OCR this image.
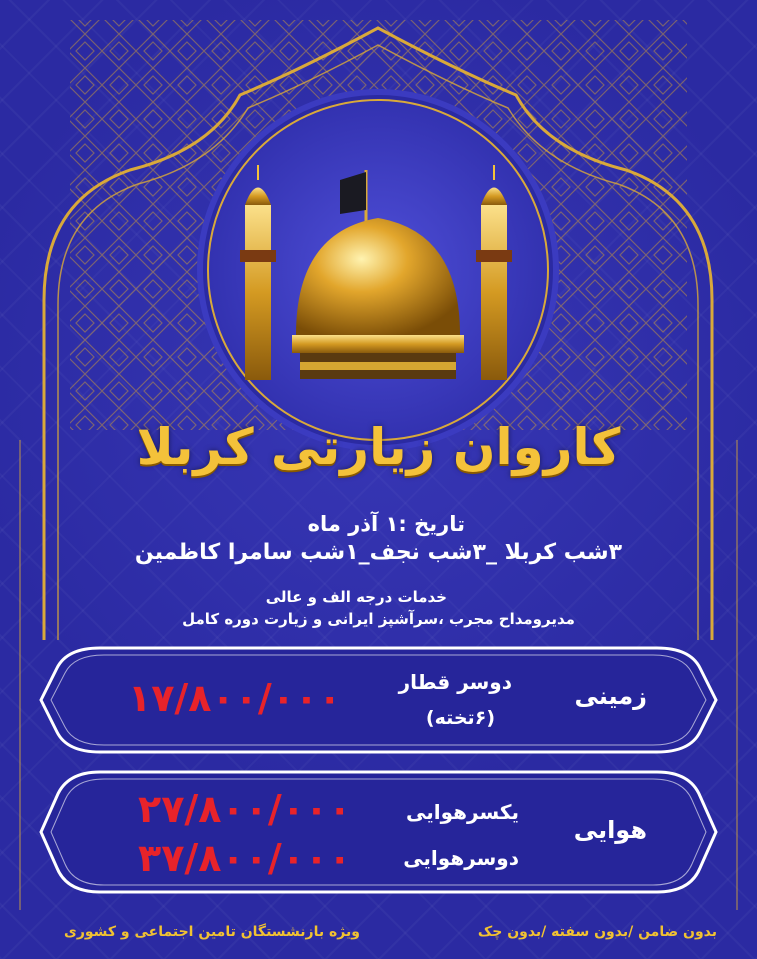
کاروان زیارتی کربلا
تاریخ :۱ آذر ماه
۳شب کربلا _۳شب نجف_۱شب سامرا کاظمین
خدمات درجه الف و عالی
مدیرومداح مجرب ،سرآشپز ایرانی و زیارت دوره کامل
زمینی
دوسر قطار
(۶تخته)
۱۷/۸۰۰/۰۰۰
هوایی
یکسرهوایی
۲۷/۸۰۰/۰۰۰
دوسرهوایی
۳۷/۸۰۰/۰۰۰
ویژه بازنشستگان تامین اجتماعی و کشوری	بدون ضامن /بدون سفته /بدون چک
